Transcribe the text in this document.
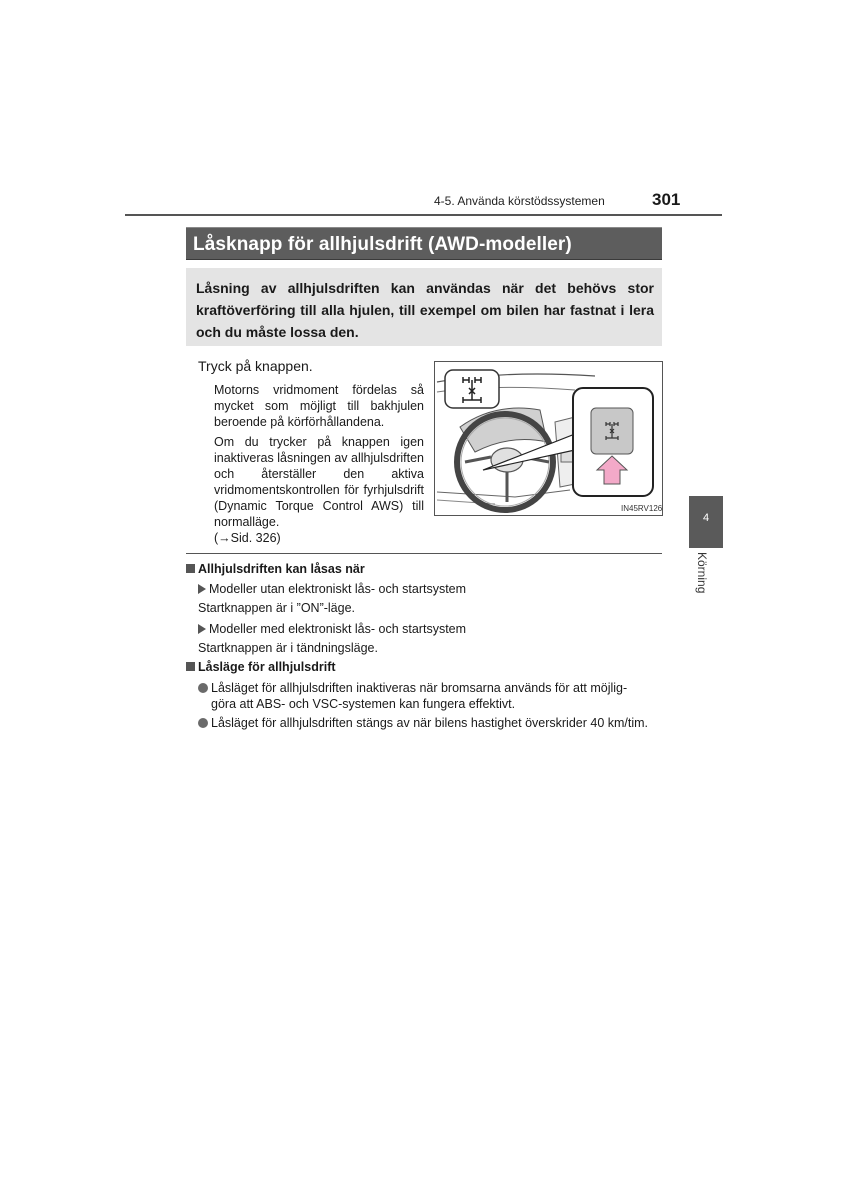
4-5. Använda körstödssystemen	301
Låsknapp för allhjulsdrift (AWD-modeller)
Låsning av allhjulsdriften kan användas när det behövs stor kraftöverföring till alla hjulen, till exempel om bilen har fastnat i lera och du måste lossa den.
Tryck på knappen.
Motorns vridmoment fördelas så mycket som möjligt till bakhjulen beroende på körförhållandena.
Om du trycker på knappen igen inaktiveras låsningen av allhjulsdriften och återställer den aktiva vridmomentskontrollen för fyrhjulsdrift (Dynamic Torque Control AWS) till normalläge.
(→Sid. 326)
IN45RV126
4
Körning
Allhjulsdriften kan låsas när
Modeller utan elektroniskt lås- och startsystem
Startknappen är i ”ON”-läge.
Modeller med elektroniskt lås- och startsystem
Startknappen är i tändningsläge.
Låsläge för allhjulsdrift
Låsläget för allhjulsdriften inaktiveras när bromsarna används för att möjlig-
göra att ABS- och VSC-systemen kan fungera effektivt.
Låsläget för allhjulsdriften stängs av när bilens hastighet överskrider 40 km/tim.
